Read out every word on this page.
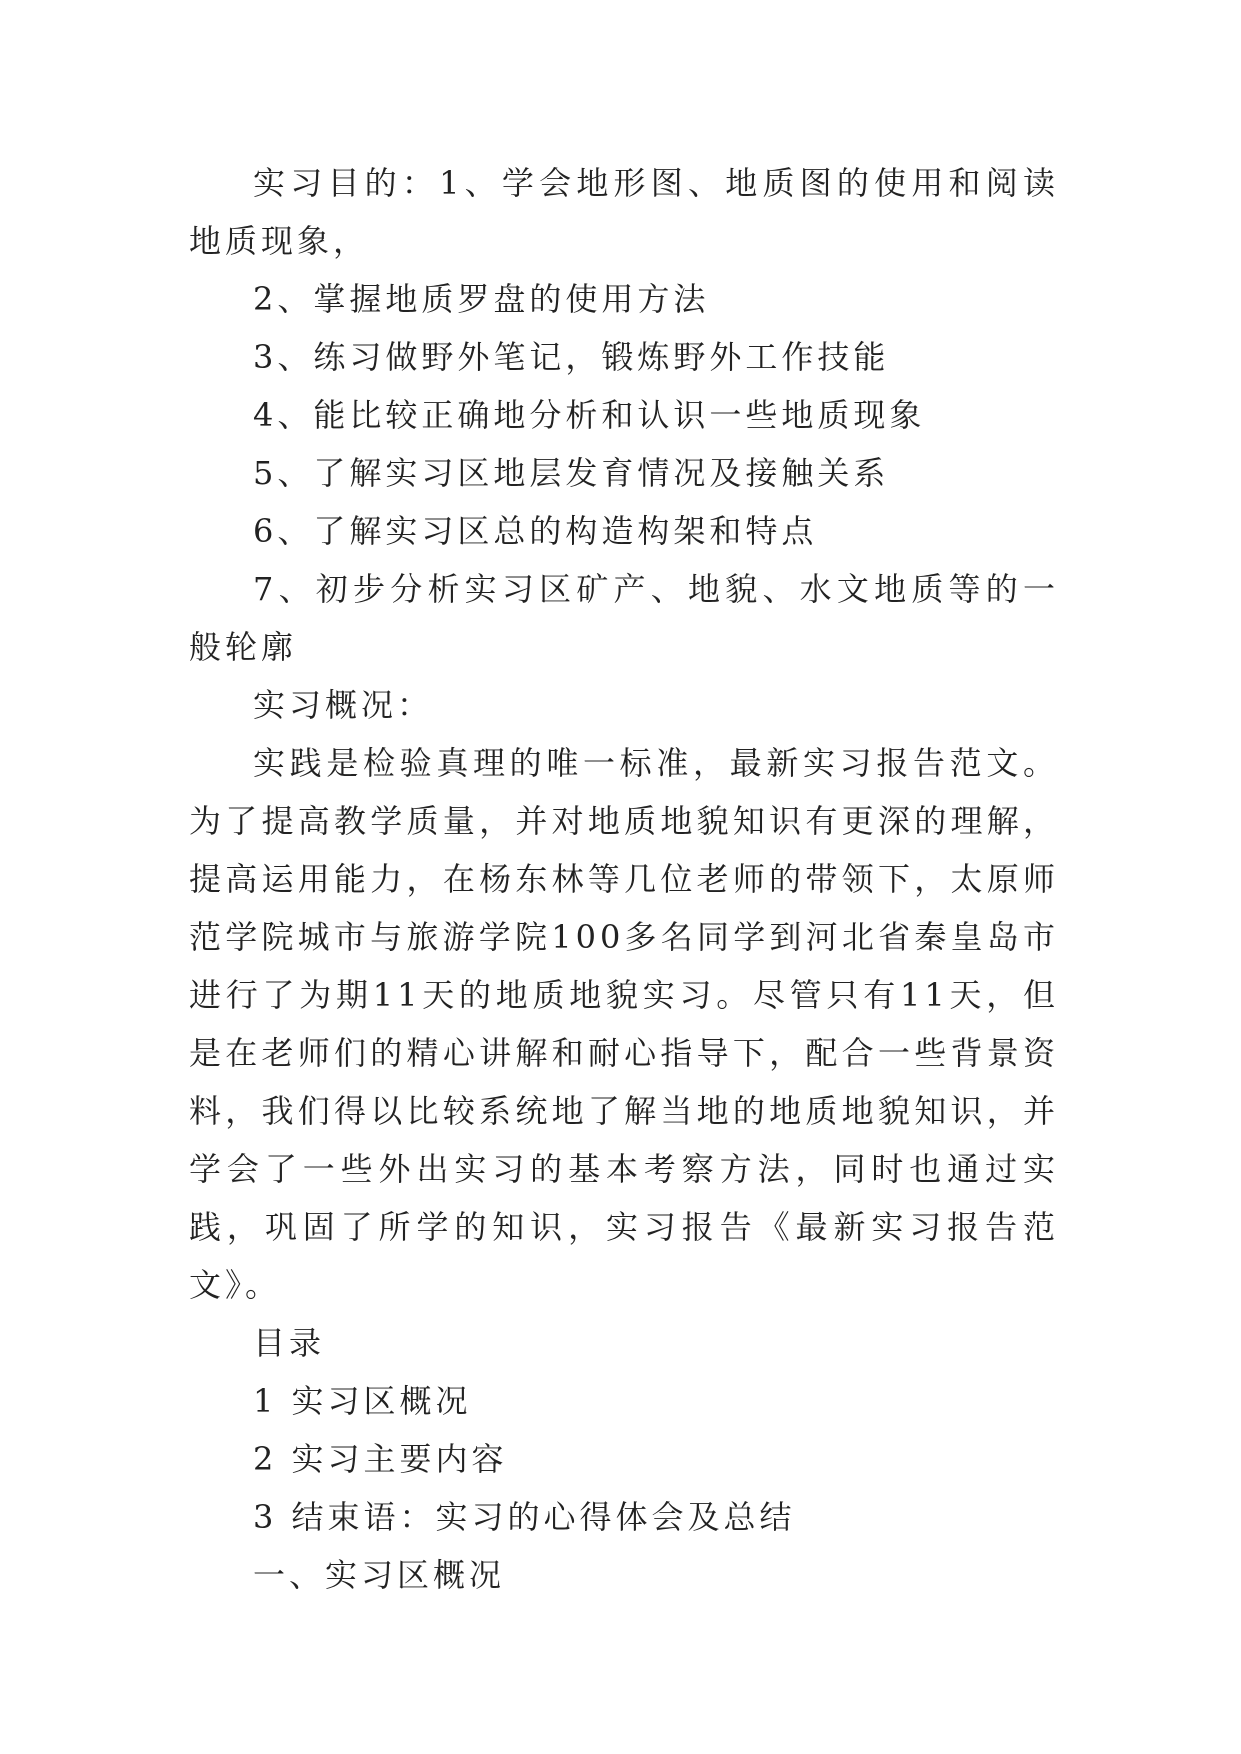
实习目的：1、学会地形图、地质图的使用和阅读地质现象，

2、掌握地质罗盘的使用方法

3、练习做野外笔记，锻炼野外工作技能

4、能比较正确地分析和认识一些地质现象

5、了解实习区地层发育情况及接触关系

6、了解实习区总的构造构架和特点

7、初步分析实习区矿产、地貌、水文地质等的一般轮廓

实习概况：

实践是检验真理的唯一标准，最新实习报告范文。为了提高教学质量，并对地质地貌知识有更深的理解，提高运用能力，在杨东林等几位老师的带领下，太原师范学院城市与旅游学院100多名同学到河北省秦皇岛市进行了为期11天的地质地貌实习。尽管只有11天，但是在老师们的精心讲解和耐心指导下，配合一些背景资料，我们得以比较系统地了解当地的地质地貌知识，并学会了一些外出实习的基本考察方法，同时也通过实践，巩固了所学的知识，实习报告《最新实习报告范文》。

目录

1 实习区概况

2 实习主要内容

3 结束语：实习的心得体会及总结

一、实习区概况
